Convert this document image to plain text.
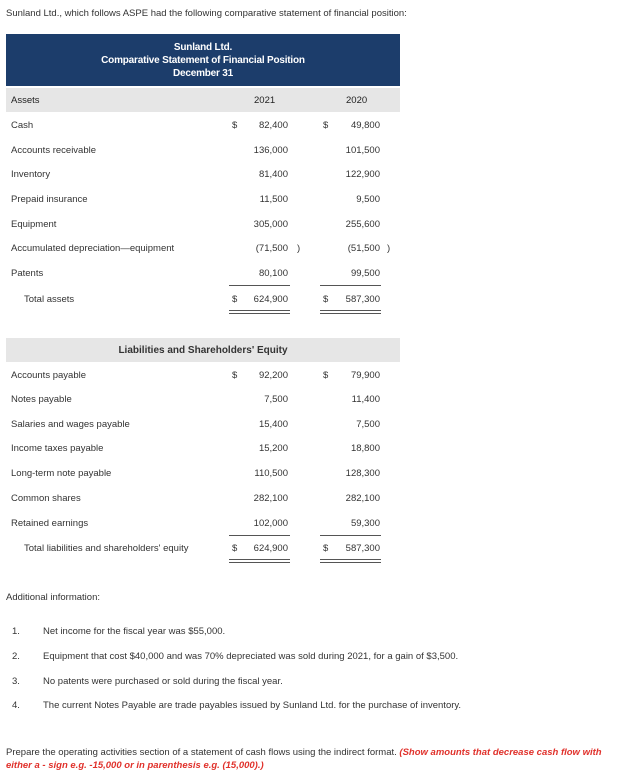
Sunland Ltd., which follows ASPE had the following comparative statement of financial position:
Sunland Ltd.
Comparative Statement of Financial Position
December 31
Assets	2021	2020
Cash	$ 82,400	$ 49,800
Accounts receivable	136,000	101,500
Inventory	81,400	122,900
Prepaid insurance	11,500	9,500
Equipment	305,000	255,600
Accumulated depreciation—equipment	(71,500 )	(51,500 )
Patents	80,100	99,500
Total assets	$ 624,900	$ 587,300
Liabilities and Shareholders' Equity
Accounts payable	$ 92,200	$ 79,900
Notes payable	7,500	11,400
Salaries and wages payable	15,400	7,500
Income taxes payable	15,200	18,800
Long-term note payable	110,500	128,300
Common shares	282,100	282,100
Retained earnings	102,000	59,300
Total liabilities and shareholders' equity	$ 624,900	$ 587,300
Additional information:
1. Net income for the fiscal year was $55,000.
2. Equipment that cost $40,000 and was 70% depreciated was sold during 2021, for a gain of $3,500.
3. No patents were purchased or sold during the fiscal year.
4. The current Notes Payable are trade payables issued by Sunland Ltd. for the purchase of inventory.
Prepare the operating activities section of a statement of cash flows using the indirect format. (Show amounts that decrease cash flow with either a - sign e.g. -15,000 or in parenthesis e.g. (15,000).)
